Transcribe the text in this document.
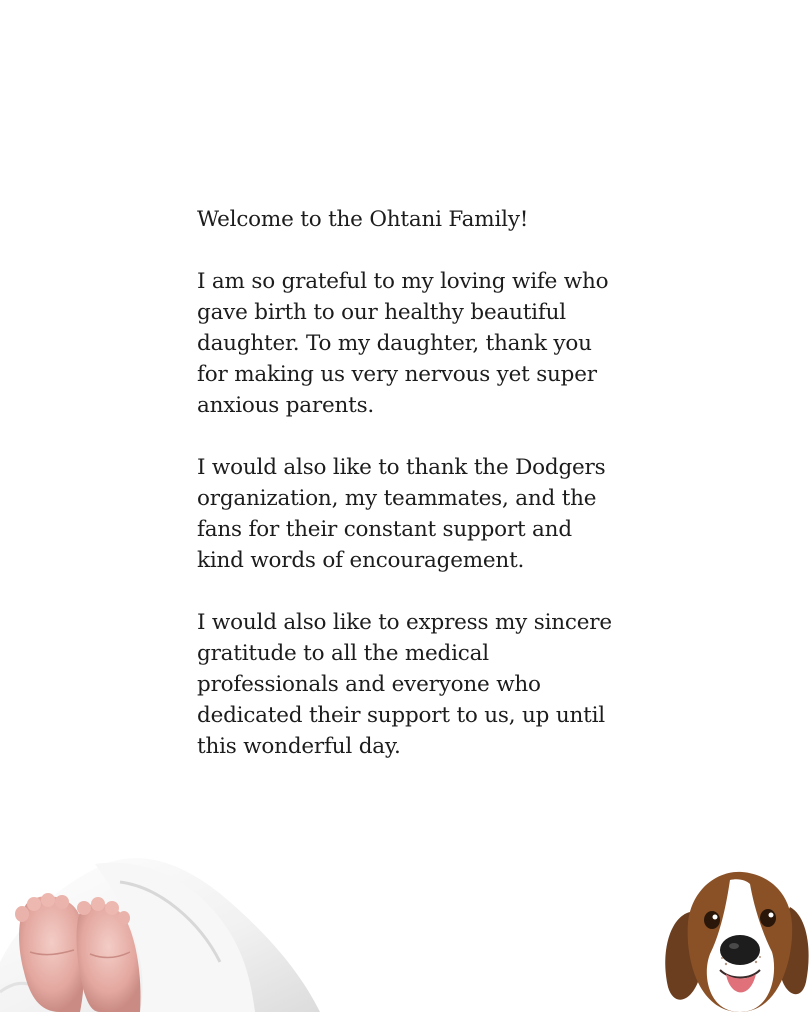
Welcome to the Ohtani Family!

I am so grateful to my loving wife who
gave birth to our healthy beautiful
daughter. To my daughter, thank you
for making us very nervous yet super
anxious parents.

I would also like to thank the Dodgers
organization, my teammates, and the
fans for their constant support and
kind words of encouragement.

I would also like to express my sincere
gratitude to all the medical
professionals and everyone who
dedicated their support to us, up until
this wonderful day.
